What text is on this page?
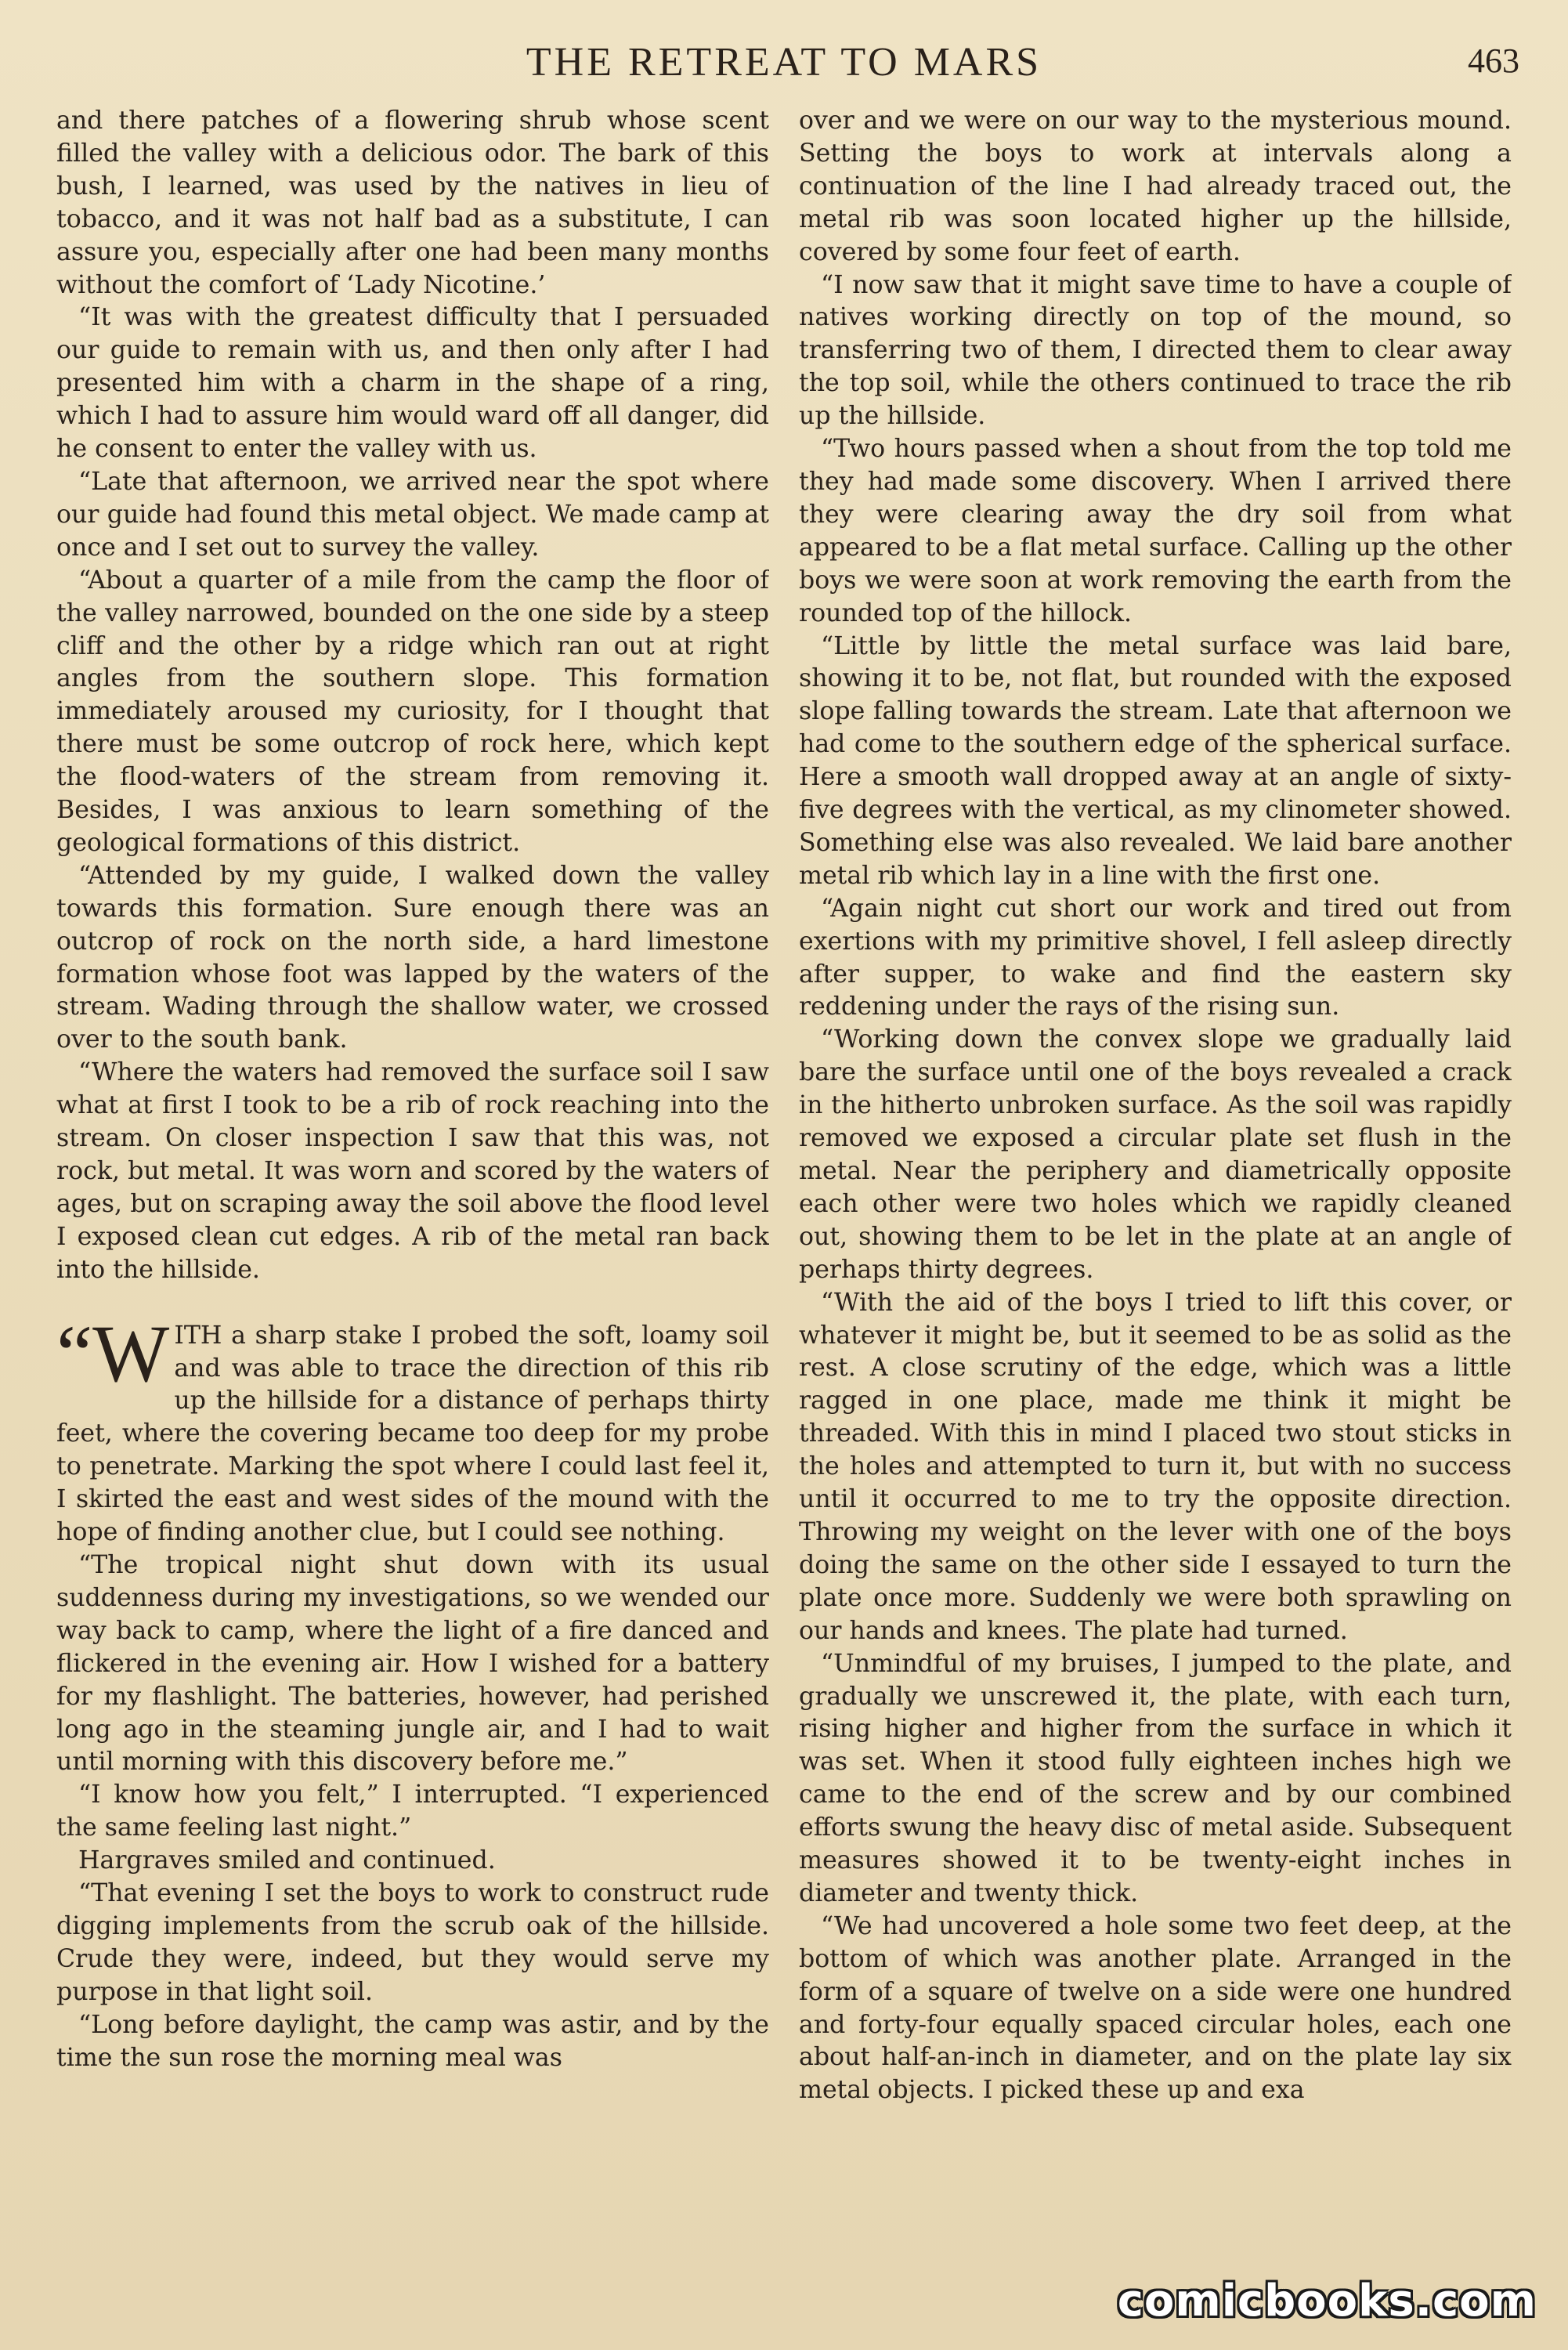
THE RETREAT TO MARS	463

and there patches of a flowering shrub whose scent filled the valley with a delicious odor. The bark of this bush, I learned, was used by the natives in lieu of tobacco, and it was not half bad as a substitute, I can assure you, especially after one had been many months without the comfort of ‘Lady Nicotine.’

“It was with the greatest difficulty that I persuaded our guide to remain with us, and then only after I had presented him with a charm in the shape of a ring, which I had to assure him would ward off all danger, did he consent to enter the valley with us.

“Late that afternoon, we arrived near the spot where our guide had found this metal object. We made camp at once and I set out to survey the valley.

“About a quarter of a mile from the camp the floor of the valley narrowed, bounded on the one side by a steep cliff and the other by a ridge which ran out at right angles from the southern slope. This formation immediately aroused my curiosity, for I thought that there must be some outcrop of rock here, which kept the flood-waters of the stream from removing it. Besides, I was anxious to learn something of the geological formations of this district.

“Attended by my guide, I walked down the valley towards this formation. Sure enough there was an outcrop of rock on the north side, a hard limestone formation whose foot was lapped by the waters of the stream. Wading through the shallow water, we crossed over to the south bank.

“Where the waters had removed the surface soil I saw what at first I took to be a rib of rock reaching into the stream. On closer inspection I saw that this was, not rock, but metal. It was worn and scored by the waters of ages, but on scraping away the soil above the flood level I exposed clean cut edges. A rib of the metal ran back into the hillside.

“W ITH a sharp stake I probed the soft, loamy soil and was able to trace the direction of this rib up the hillside for a distance of perhaps thirty feet, where the covering became too deep for my probe to penetrate. Marking the spot where I could last feel it, I skirted the east and west sides of the mound with the hope of finding another clue, but I could see nothing.

“The tropical night shut down with its usual suddenness during my investigations, so we wended our way back to camp, where the light of a fire danced and flickered in the evening air. How I wished for a battery for my flashlight. The batteries, however, had perished long ago in the steaming jungle air, and I had to wait until morning with this discovery before me.”

“I know how you felt,” I interrupted. “I experienced the same feeling last night.”

Hargraves smiled and continued.

“That evening I set the boys to work to construct rude digging implements from the scrub oak of the hillside. Crude they were, indeed, but they would serve my purpose in that light soil.

“Long before daylight, the camp was astir, and by the time the sun rose the morning meal was

over and we were on our way to the mysterious mound. Setting the boys to work at intervals along a continuation of the line I had already traced out, the metal rib was soon located higher up the hillside, covered by some four feet of earth.

“I now saw that it might save time to have a couple of natives working directly on top of the mound, so transferring two of them, I directed them to clear away the top soil, while the others continued to trace the rib up the hillside.

“Two hours passed when a shout from the top told me they had made some discovery. When I arrived there they were clearing away the dry soil from what appeared to be a flat metal surface. Calling up the other boys we were soon at work removing the earth from the rounded top of the hillock.

“Little by little the metal surface was laid bare, showing it to be, not flat, but rounded with the exposed slope falling towards the stream. Late that afternoon we had come to the southern edge of the spherical surface. Here a smooth wall dropped away at an angle of sixty-five degrees with the vertical, as my clinometer showed. Something else was also revealed. We laid bare another metal rib which lay in a line with the first one.

“Again night cut short our work and tired out from exertions with my primitive shovel, I fell asleep directly after supper, to wake and find the eastern sky reddening under the rays of the rising sun.

“Working down the convex slope we gradually laid bare the surface until one of the boys revealed a crack in the hitherto unbroken surface. As the soil was rapidly removed we exposed a circular plate set flush in the metal. Near the periphery and diametrically opposite each other were two holes which we rapidly cleaned out, showing them to be let in the plate at an angle of perhaps thirty degrees.

“With the aid of the boys I tried to lift this cover, or whatever it might be, but it seemed to be as solid as the rest. A close scrutiny of the edge, which was a little ragged in one place, made me think it might be threaded. With this in mind I placed two stout sticks in the holes and attempted to turn it, but with no success until it occurred to me to try the opposite direction. Throwing my weight on the lever with one of the boys doing the same on the other side I essayed to turn the plate once more. Suddenly we were both sprawling on our hands and knees. The plate had turned.

“Unmindful of my bruises, I jumped to the plate, and gradually we unscrewed it, the plate, with each turn, rising higher and higher from the surface in which it was set. When it stood fully eighteen inches high we came to the end of the screw and by our combined efforts swung the heavy disc of metal aside. Subsequent measures showed it to be twenty-eight inches in diameter and twenty thick.

“We had uncovered a hole some two feet deep, at the bottom of which was another plate. Arranged in the form of a square of twelve on a side were one hundred and forty-four equally spaced circular holes, each one about half-an-inch in diameter, and on the plate lay six metal objects. I picked these up and exa

comicbooks.com
